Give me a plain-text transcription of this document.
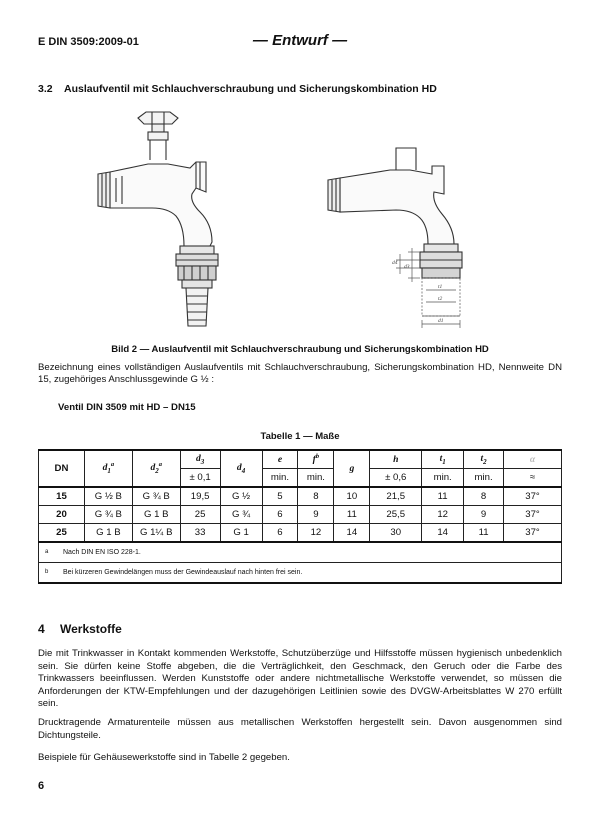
E DIN 3509:2009-01	— Entwurf —
3.2 Auslaufventil mit Schlauchverschraubung und Sicherungskombination HD
d4
d3
t1
t2
d1
Bild 2 — Auslaufventil mit Schlauchverschraubung und Sicherungskombination HD
Bezeichnung eines vollständigen Auslaufventils mit Schlauchverschraubung, Sicherungskombination HD, Nennweite DN 15, zugehöriges Anschlussgewinde G ½ :
Ventil DIN 3509 mit HD – DN15
Tabelle 1 — Maße
DN	$d_1^a$	$d_2^a$	$d_3$	$d_4$	e	$f^b$	g	h	$t_1$	$t_2$	α
			± 0,1		min.	min.		± 0,6	min.	min.	≈
15	G ½ B	G ¾ B	19,5	G ½	5	8	10	21,5	11	8	37°
20	G ¾ B	G 1 B	25	G ¾	6	9	11	25,5	12	9	37°
25	G 1 B	G 1¼ B	33	G 1	6	12	14	30	14	11	37°
a Nach DIN EN ISO 228-1.											
b Bei kürzeren Gewindelängen muss der Gewindeauslauf nach hinten frei sein.											
4 Werkstoffe
Die mit Trinkwasser in Kontakt kommenden Werkstoffe, Schutzüberzüge und Hilfsstoffe müssen hygienisch unbedenklich sein. Sie dürfen keine Stoffe abgeben, die die Verträglichkeit, den Geschmack, den Geruch oder die Farbe des Trinkwassers beeinflussen. Werden Kunststoffe oder andere nichtmetallische Werkstoffe verwendet, so müssen die Anforderungen der KTW-Empfehlungen und der dazugehörigen Leitlinien sowie des DVGW-Arbeitsblattes W 270 erfüllt sein.
Drucktragende Armaturenteile müssen aus metallischen Werkstoffen hergestellt sein. Davon ausgenommen sind Dichtungsteile.
Beispiele für Gehäusewerkstoffe sind in Tabelle 2 gegeben.
6
